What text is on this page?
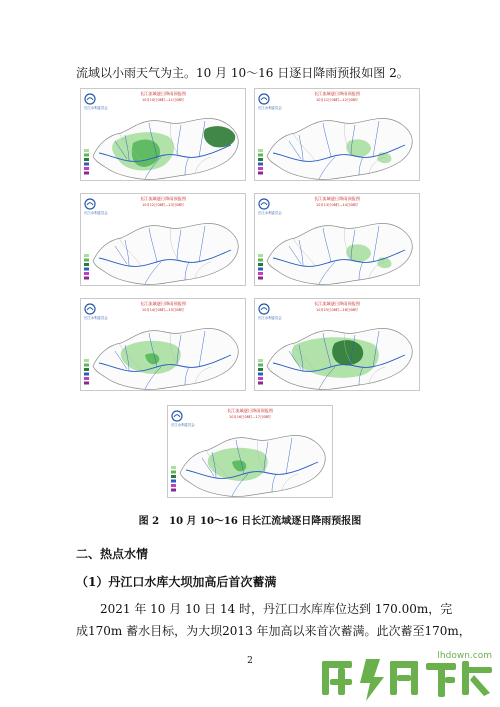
流域以小雨天气为主。10 月 10～16 日逐日降雨预报如图 2。
长江流域逐日降雨预报图
10月10日08时—11日08时
长江水利委员会
长江流域逐日降雨预报图
10月11日08时—12日08时
长江水利委员会
长江流域逐日降雨预报图
10月12日08时—13日08时
长江水利委员会
长江流域逐日降雨预报图
10月13日08时—14日08时
长江水利委员会
长江流域逐日降雨预报图
10月14日08时—15日08时
长江水利委员会
长江流域逐日降雨预报图
10月15日08时—16日08时
长江水利委员会
长江流域逐日降雨预报图
10月16日08时—17日08时
长江水利委员会
图 2　10 月 10～16 日长江流域逐日降雨预报图
二、热点水情
（1）丹江口水库大坝加高后首次蓄满
2021 年 10 月 10 日 14 时，丹江口水库库位达到 170.00m，完
成170m 蓄水目标，为大坝2013 年加高以来首次蓄满。此次蓄至170m，
2	lhdown.com
